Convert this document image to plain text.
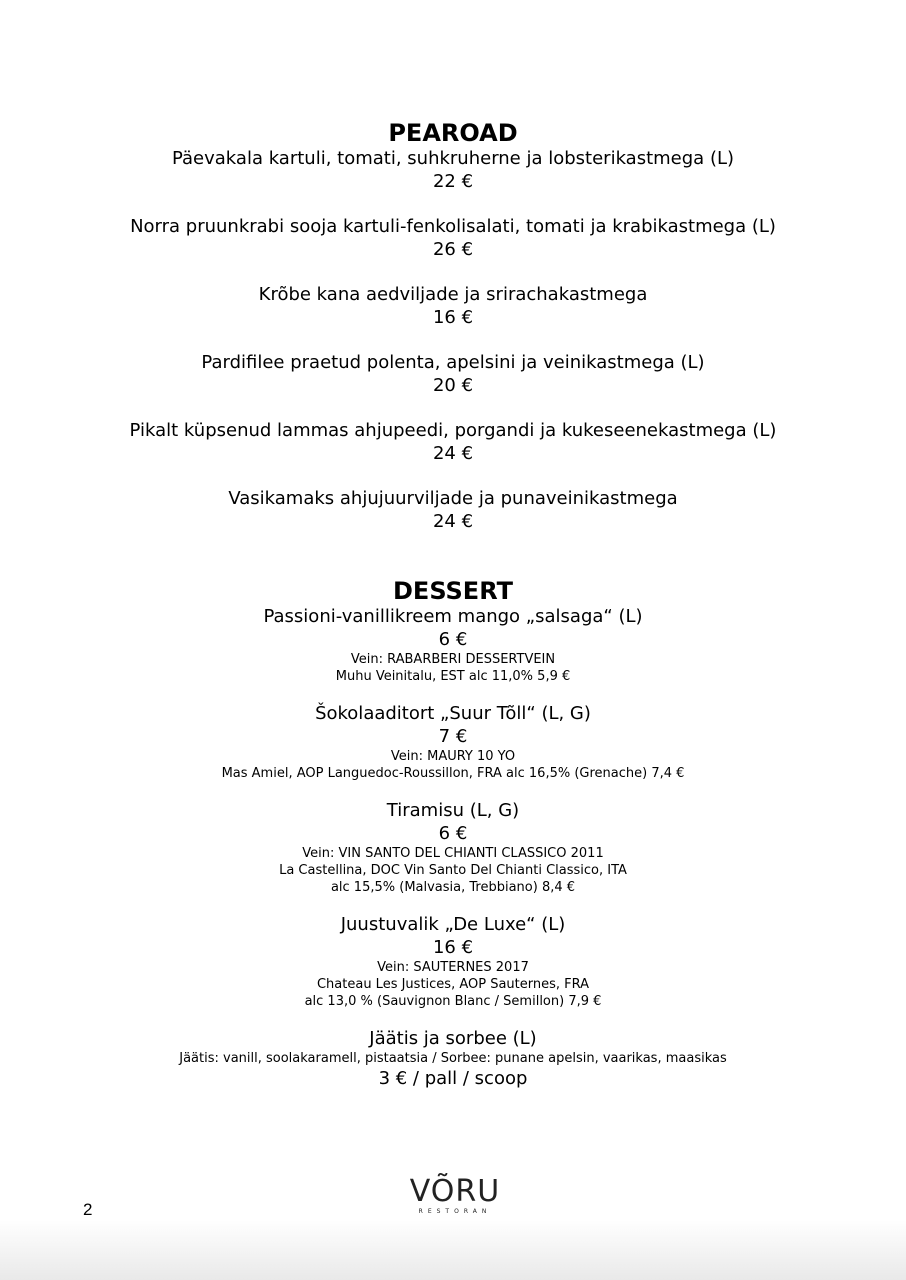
PEAROAD
Päevakala kartuli, tomati, suhkruherne ja lobsterikastmega (L)
22 €
Norra pruunkrabi sooja kartuli-fenkolisalati, tomati ja krabikastmega (L)
26 €
Krõbe kana aedviljade ja srirachakastmega
16 €
Pardifilee praetud polenta, apelsini ja veinikastmega (L)
20 €
Pikalt küpsenud lammas ahjupeedi, porgandi ja kukeseenekastmega (L)
24 €
Vasikamaks ahjujuurviljade ja punaveinikastmega
24 €
DESSERT
Passioni-vanillikreem mango „salsaga“ (L)
6 €
Vein: RABARBERI DESSERTVEIN
Muhu Veinitalu, EST alc 11,0% 5,9 €
Šokolaaditort „Suur Tõll“ (L, G)
7 €
Vein: MAURY 10 YO
Mas Amiel, AOP Languedoc-Roussillon, FRA alc 16,5% (Grenache) 7,4 €
Tiramisu (L, G)
6 €
Vein: VIN SANTO DEL CHIANTI CLASSICO 2011
La Castellina, DOC Vin Santo Del Chianti Classico, ITA
alc 15,5% (Malvasia, Trebbiano) 8,4 €
Juustuvalik „De Luxe“ (L)
16 €
Vein: SAUTERNES 2017
Chateau Les Justices, AOP Sauternes, FRA
alc 13,0 % (Sauvignon Blanc / Semillon) 7,9 €
Jäätis ja sorbee (L)
Jäätis: vanill, soolakaramell, pistaatsia / Sorbee: punane apelsin, vaarikas, maasikas
3 € / pall / scoop
2
VÕRU
RESTORAN
